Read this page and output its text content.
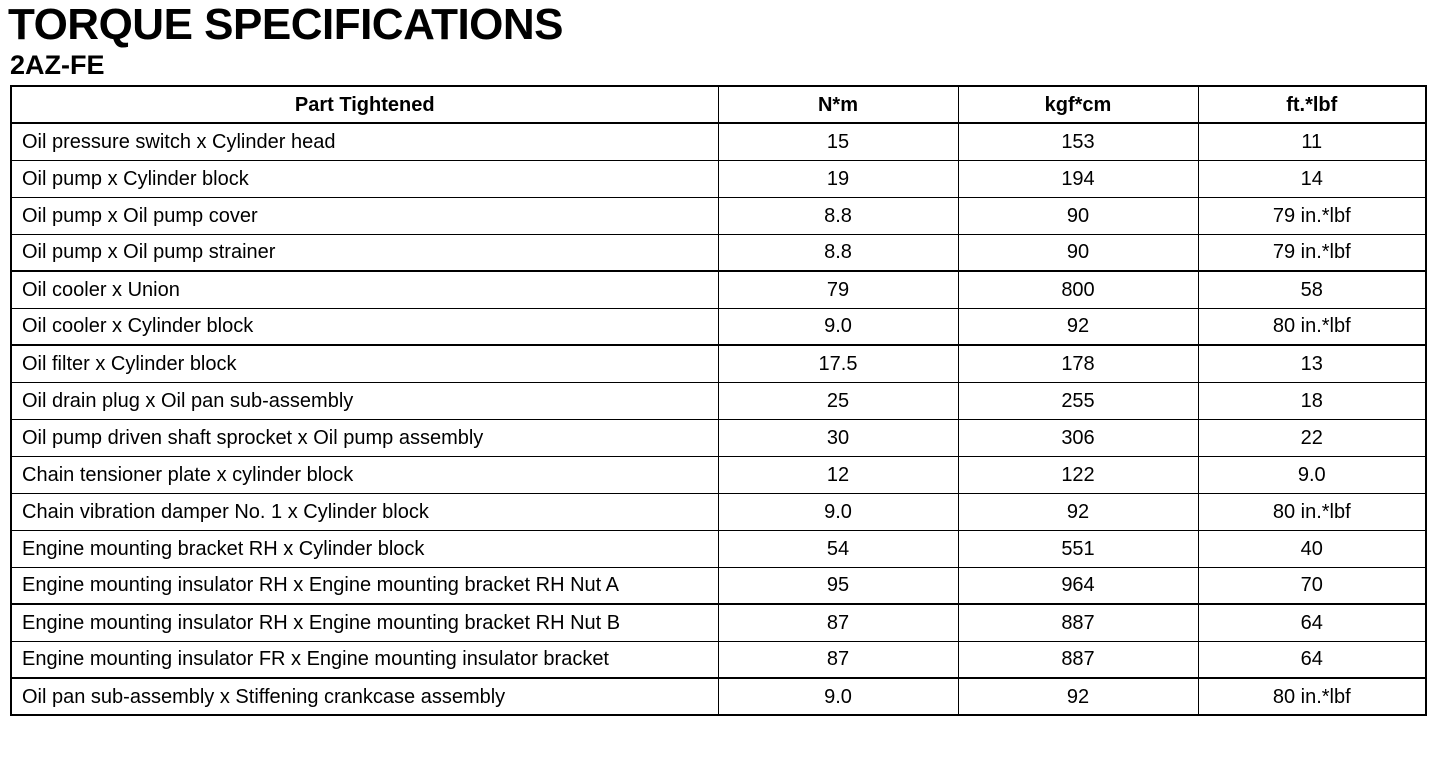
TORQUE SPECIFICATIONS
2AZ-FE
Part Tightened	N*m	kgf*cm	ft.*lbf
Oil pressure switch x Cylinder head	15	153	11
Oil pump x Cylinder block	19	194	14
Oil pump x Oil pump cover	8.8	90	79 in.*lbf
Oil pump x Oil pump strainer	8.8	90	79 in.*lbf
Oil cooler x Union	79	800	58
Oil cooler x Cylinder block	9.0	92	80 in.*lbf
Oil filter x Cylinder block	17.5	178	13
Oil drain plug x Oil pan sub-assembly	25	255	18
Oil pump driven shaft sprocket x Oil pump assembly	30	306	22
Chain tensioner plate x cylinder block	12	122	9.0
Chain vibration damper No. 1 x Cylinder block	9.0	92	80 in.*lbf
Engine mounting bracket RH x Cylinder block	54	551	40
Engine mounting insulator RH x Engine mounting bracket RH Nut A	95	964	70
Engine mounting insulator RH x Engine mounting bracket RH Nut B	87	887	64
Engine mounting insulator FR x Engine mounting insulator bracket	87	887	64
Oil pan sub-assembly x Stiffening crankcase assembly	9.0	92	80 in.*lbf
